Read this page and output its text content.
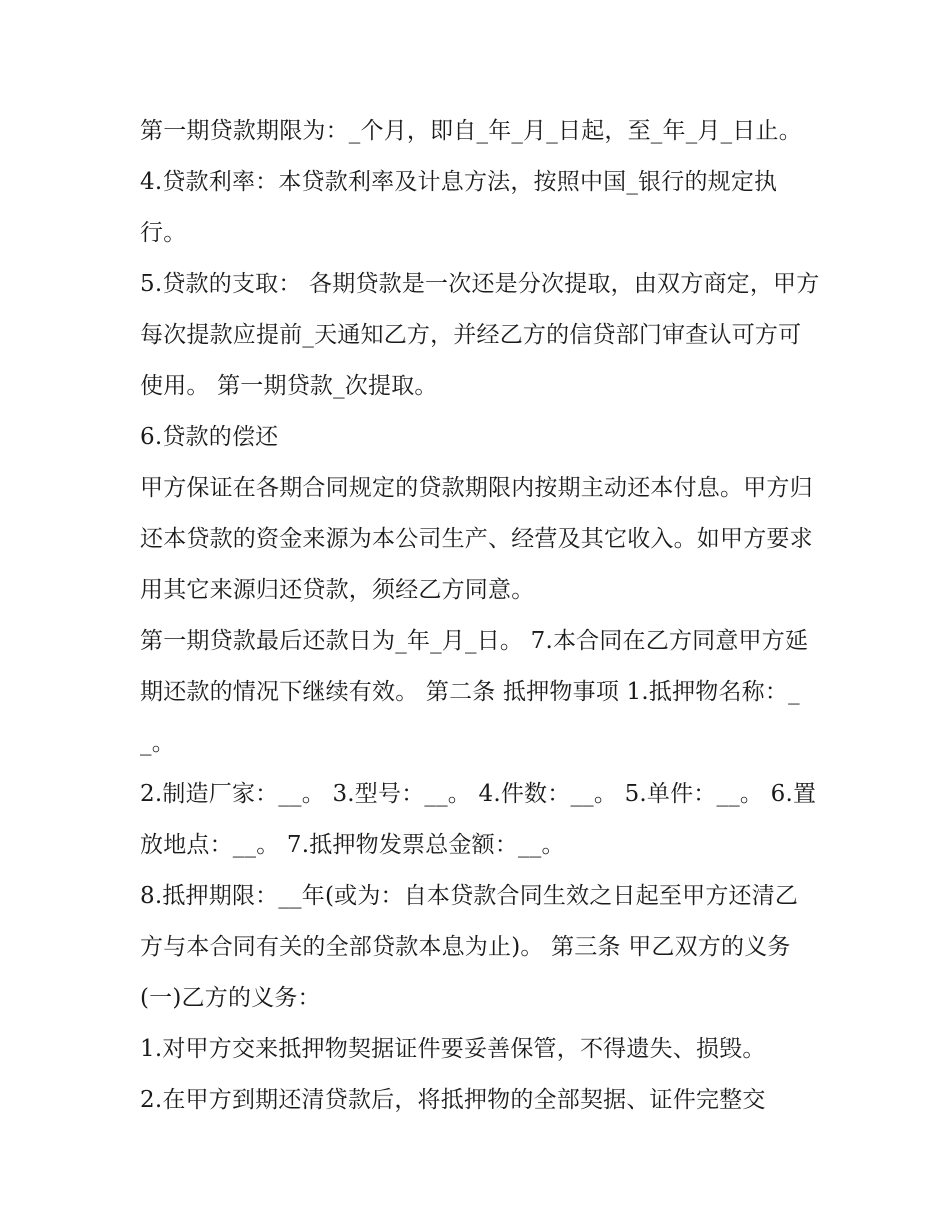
第一期贷款期限为：_个月，即自_年_月_日起，至_年_月_日止。 4.贷款利率：本贷款利率及计息方法，按照中国_银行的规定执行。

5.贷款的支取： 各期贷款是一次还是分次提取，由双方商定，甲方每次提款应提前_天通知乙方，并经乙方的信贷部门审查认可方可使用。 第一期贷款_次提取。

6.贷款的偿还

甲方保证在各期合同规定的贷款期限内按期主动还本付息。甲方归还本贷款的资金来源为本公司生产、经营及其它收入。如甲方要求用其它来源归还贷款，须经乙方同意。

第一期贷款最后还款日为_年_月_日。 7.本合同在乙方同意甲方延期还款的情况下继续有效。 第二条 抵押物事项 1.抵押物名称：__。

2.制造厂家：__。 3.型号：__。 4.件数：__。 5.单件：__。 6.置放地点：__。 7.抵押物发票总金额：__。

8.抵押期限：__年(或为：自本贷款合同生效之日起至甲方还清乙方与本合同有关的全部贷款本息为止)。 第三条 甲乙双方的义务 (一)乙方的义务：

1.对甲方交来抵押物契据证件要妥善保管，不得遗失、损毁。

2.在甲方到期还清贷款后，将抵押物的全部契据、证件完整交
